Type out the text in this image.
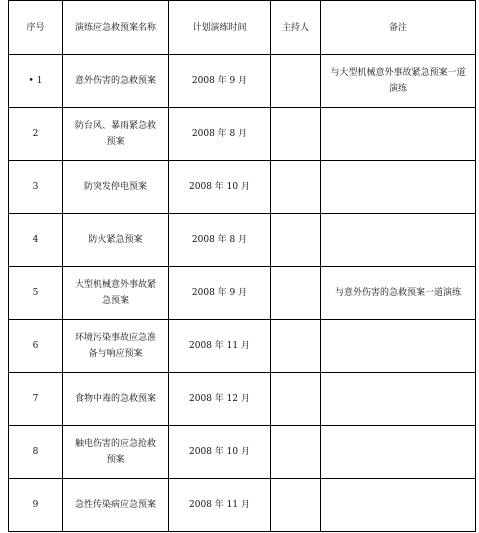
序号	演练应急救预案名称	计划演练时间	主持人	备注
• 1	意外伤害的急救预案	2008 年 9 月		与大型机械意外事故紧急预案一道演练
2	防台风、暴雨紧急救预案	2008 年 8 月		
3	防突发停电预案	2008 年 10 月		
4	防火紧急预案	2008 年 8 月		
5	大型机械意外事故紧急预案	2008 年 9 月		与意外伤害的急救预案一道演练
6	环境污染事故应急准备与响应预案	2008 年 11 月		
7	食物中毒的急救预案	2008 年 12 月		
8	触电伤害的应急抢救预案	2008 年 10 月		
9	急性传染病应急预案	2008 年 11 月		
